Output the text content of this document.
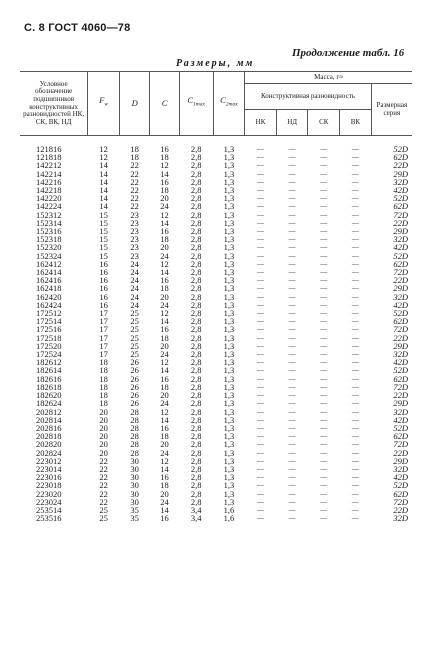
С. 8 ГОСТ 4060—78
Продолжение табл. 16
Размеры, мм
Условное обозначение подшипников конструктивных разновидностей НК, СК, ВК, НД	$F_w$	D	C	$C_{1max}$	$C_{2max}$	Масса, г≈				
						Конструктивная разновидность				Размерная серия
						НК	НД	СК	ВК	

121816	12	18	16	2,8	1,3	—	—	—	—	52D
121818	12	18	18	2,8	1,3	—	—	—	—	62D
142212	14	22	12	2,8	1,3	—	—	—	—	22D
142214	14	22	14	2,8	1,3	—	—	—	—	29D
142216	14	22	16	2,8	1,3	—	—	—	—	32D
142218	14	22	18	2,8	1,3	—	—	—	—	42D
142220	14	22	20	2,8	1,3	—	—	—	—	52D
142224	14	22	24	2,8	1,3	—	—	—	—	62D
152312	15	23	12	2,8	1,3	—	—	—	—	72D
152314	15	23	14	2,8	1,3	—	—	—	—	22D
152316	15	23	16	2,8	1,3	—	—	—	—	29D
152318	15	23	18	2,8	1,3	—	—	—	—	32D
152320	15	23	20	2,8	1,3	—	—	—	—	42D
152324	15	23	24	2,8	1,3	—	—	—	—	52D
162412	16	24	12	2,8	1,3	—	—	—	—	62D
162414	16	24	14	2,8	1,3	—	—	—	—	72D
162416	16	24	16	2,8	1,3	—	—	—	—	22D
162418	16	24	18	2,8	1,3	—	—	—	—	29D
162420	16	24	20	2,8	1,3	—	—	—	—	32D
162424	16	24	24	2,8	1,3	—	—	—	—	42D
172512	17	25	12	2,8	1,3	—	—	—	—	52D
172514	17	25	14	2,8	1,3	—	—	—	—	62D
172516	17	25	16	2,8	1,3	—	—	—	—	72D
172518	17	25	18	2,8	1,3	—	—	—	—	22D
172520	17	25	20	2,8	1,3	—	—	—	—	29D
172524	17	25	24	2,8	1,3	—	—	—	—	32D
182612	18	26	12	2,8	1,3	—	—	—	—	42D
182614	18	26	14	2,8	1,3	—	—	—	—	52D
182616	18	26	16	2,8	1,3	—	—	—	—	62D
182618	18	26	18	2,8	1,3	—	—	—	—	72D
182620	18	26	20	2,8	1,3	—	—	—	—	22D
182624	18	26	24	2,8	1,3	—	—	—	—	29D
202812	20	28	12	2,8	1,3	—	—	—	—	32D
202814	20	28	14	2,8	1,3	—	—	—	—	42D
202816	20	28	16	2,8	1,3	—	—	—	—	52D
202818	20	28	18	2,8	1,3	—	—	—	—	62D
202820	20	28	20	2,8	1,3	—	—	—	—	72D
202824	20	28	24	2,8	1,3	—	—	—	—	22D
223012	22	30	12	2,8	1,3	—	—	—	—	29D
223014	22	30	14	2,8	1,3	—	—	—	—	32D
223016	22	30	16	2,8	1,3	—	—	—	—	42D
223018	22	30	18	2,8	1,3	—	—	—	—	52D
223020	22	30	20	2,8	1,3	—	—	—	—	62D
223024	22	30	24	2,8	1,3	—	—	—	—	72D
253514	25	35	14	3,4	1,6	—	—	—	—	22D
253516	25	35	16	3,4	1,6	—	—	—	—	32D
